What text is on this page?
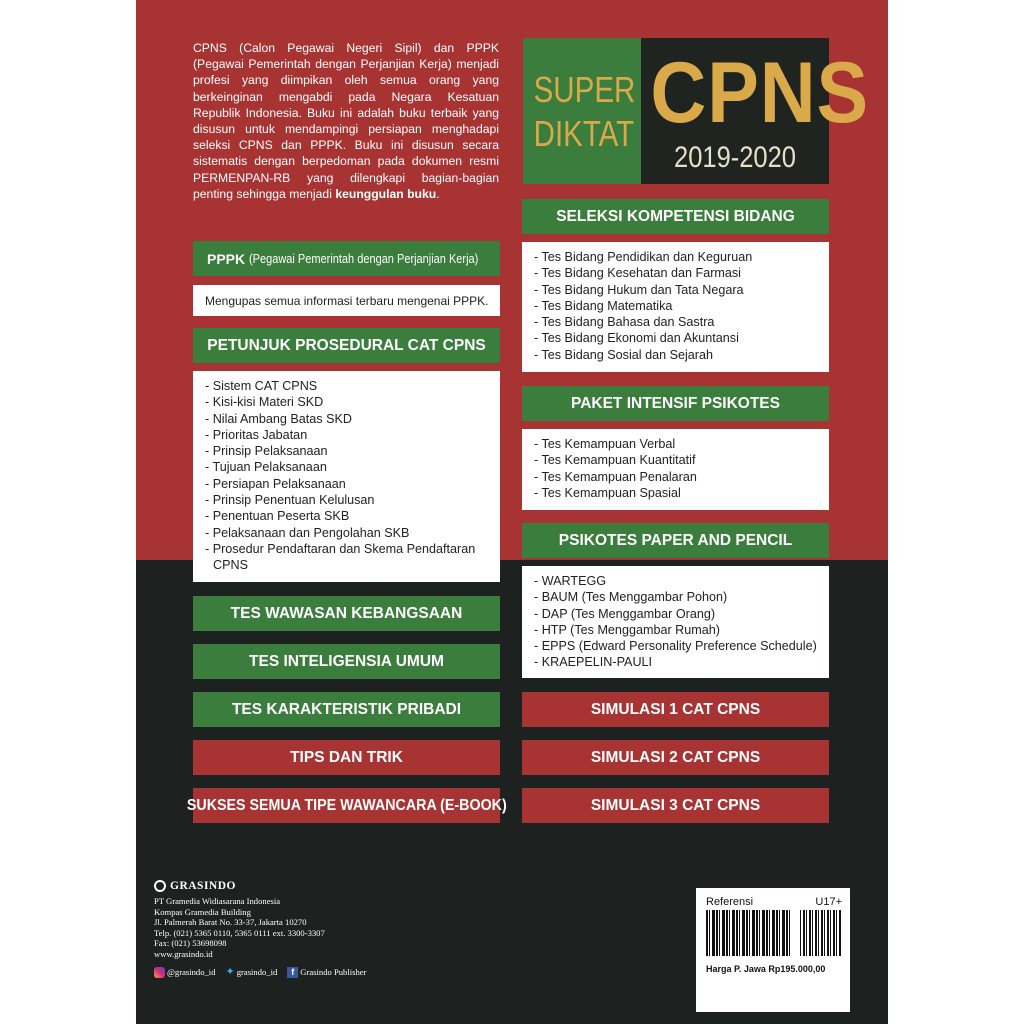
CPNS (Calon Pegawai Negeri Sipil) dan PPPK (Pegawai Pemerintah dengan Perjanjian Kerja) menjadi profesi yang diimpikan oleh semua orang yang berkeinginan mengabdi pada Negara Kesatuan Republik Indonesia. Buku ini adalah buku terbaik yang disusun untuk mendampingi persiapan menghadapi seleksi CPNS dan PPPK. Buku ini disusun secara sistematis dengan berpedoman pada dokumen resmi PERMENPAN-RB yang dilengkapi bagian-bagian penting sehingga menjadi keunggulan buku.
SUPER
DIKTAT CPNS
2019-2020
PPPK (Pegawai Pemerintah dengan Perjanjian Kerja)
Mengupas semua informasi terbaru mengenai PPPK.
PETUNJUK PROSEDURAL CAT CPNS
- Sistem CAT CPNS
- Kisi-kisi Materi SKD
- Nilai Ambang Batas SKD
- Prioritas Jabatan
- Prinsip Pelaksanaan
- Tujuan Pelaksanaan
- Persiapan Pelaksanaan
- Prinsip Penentuan Kelulusan
- Penentuan Peserta SKB
- Pelaksanaan dan Pengolahan SKB
- Prosedur Pendaftaran dan Skema Pendaftaran
CPNS
TES WAWASAN KEBANGSAAN
TES INTELIGENSIA UMUM
TES KARAKTERISTIK PRIBADI
TIPS DAN TRIK
SUKSES SEMUA TIPE WAWANCARA (E-BOOK)
SELEKSI KOMPETENSI BIDANG
- Tes Bidang Pendidikan dan Keguruan
- Tes Bidang Kesehatan dan Farmasi
- Tes Bidang Hukum dan Tata Negara
- Tes Bidang Matematika
- Tes Bidang Bahasa dan Sastra
- Tes Bidang Ekonomi dan Akuntansi
- Tes Bidang Sosial dan Sejarah
PAKET INTENSIF PSIKOTES
- Tes Kemampuan Verbal
- Tes Kemampuan Kuantitatif
- Tes Kemampuan Penalaran
- Tes Kemampuan Spasial
PSIKOTES PAPER AND PENCIL
- WARTEGG
- BAUM (Tes Menggambar Pohon)
- DAP (Tes Menggambar Orang)
- HTP (Tes Menggambar Rumah)
- EPPS (Edward Personality Preference Schedule)
- KRAEPELIN-PAULI
SIMULASI 1 CAT CPNS
SIMULASI 2 CAT CPNS
SIMULASI 3 CAT CPNS
GRASINDO
PT Gramedia Widiasarana Indonesia
Kompas Gramedia Building
Jl. Palmerah Barat No. 33-37, Jakarta 10270
Telp. (021) 5365 0110, 5365 0111 ext. 3300-3307
Fax: (021) 53698098
www.grasindo.id
@grasindo_id ✦ grasindo_id	f Grasindo Publisher
Referensi	U17+
Harga P. Jawa Rp195.000,00
